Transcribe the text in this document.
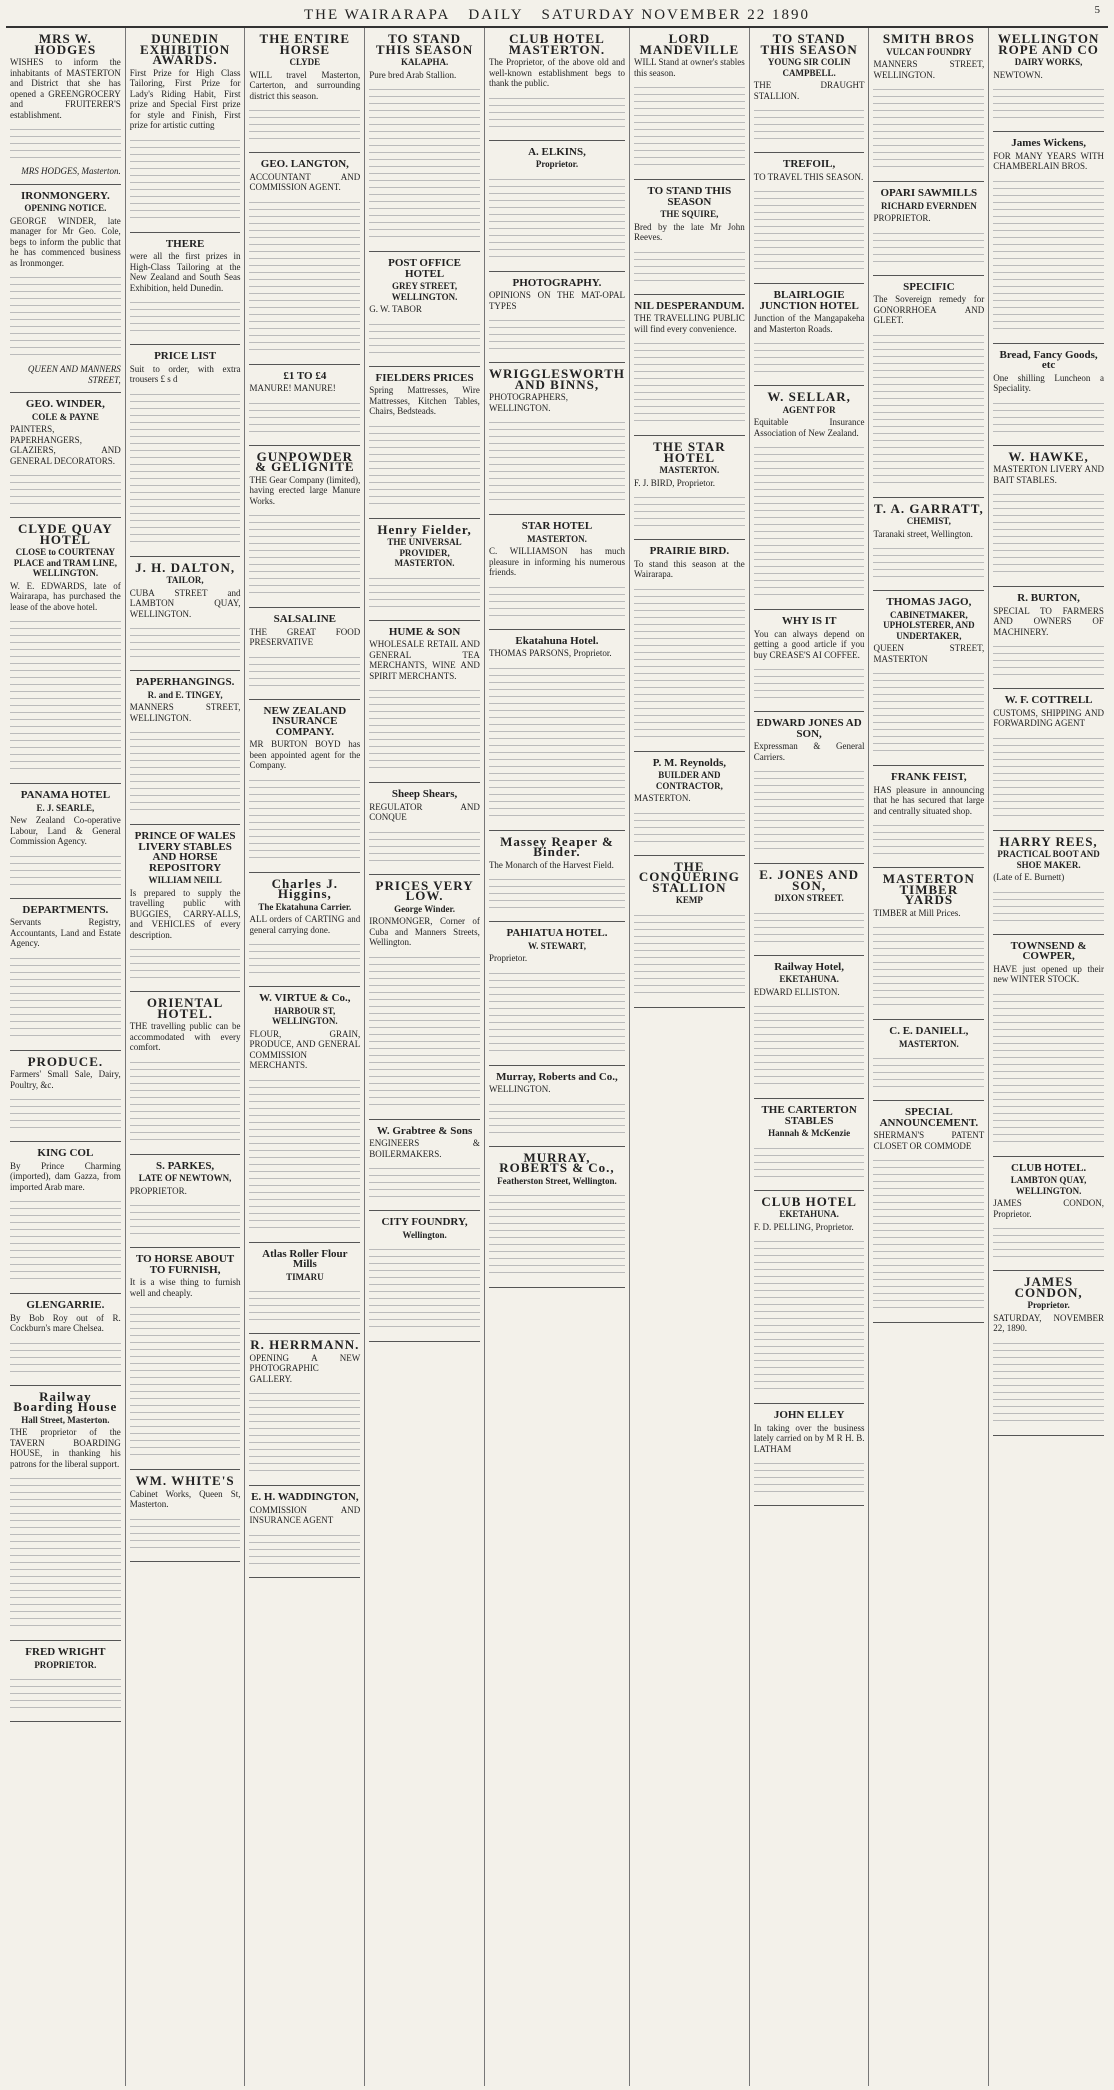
THE WAIRARAPA DAILY SATURDAY NOVEMBER 22 1890	5
MRS W. HODGES

WISHES to inform the inhabitants of MASTERTON and District that she has opened a GREENGROCERY and FRUITERER'S establishment.

MRS HODGES, Masterton.

IRONMONGERY.
OPENING NOTICE.

GEORGE WINDER, late manager for Mr Geo. Cole, begs to inform the public that he has commenced business as Ironmonger.

QUEEN AND MANNERS STREET,

GEO. WINDER,
COLE & PAYNE

PAINTERS, PAPERHANGERS, GLAZIERS, AND GENERAL DECORATORS.

CLYDE QUAY HOTEL
CLOSE to COURTENAY PLACE and TRAM LINE, WELLINGTON.

W. E. EDWARDS, late of Wairarapa, has purchased the lease of the above hotel.

PANAMA HOTEL
E. J. SEARLE,

New Zealand Co-operative Labour, Land & General Commission Agency.

DEPARTMENTS.

Servants Registry, Accountants, Land and Estate Agency.

PRODUCE.

Farmers' Small Sale, Dairy, Poultry, &c.

KING COL

By Prince Charming (imported), dam Gazza, from imported Arab mare.

GLENGARRIE.

By Bob Roy out of R. Cockburn's mare Chelsea.

Railway Boarding House
Hall Street, Masterton.

THE proprietor of the TAVERN BOARDING HOUSE, in thanking his patrons for the liberal support.

FRED WRIGHT
PROPRIETOR.
DUNEDIN EXHIBITION AWARDS.

First Prize for High Class Tailoring, First Prize for Lady's Riding Habit, First prize and Special First prize for style and Finish, First prize for artistic cutting

THERE

were all the first prizes in High-Class Tailoring at the New Zealand and South Seas Exhibition, held Dunedin.

PRICE LIST

Suit to order, with extra trousers £ s d

J. H. DALTON,
TAILOR,

CUBA STREET and LAMBTON QUAY, WELLINGTON.

PAPERHANGINGS.
R. and E. TINGEY,

MANNERS STREET, WELLINGTON.

PRINCE OF WALES LIVERY STABLES AND HORSE REPOSITORY
WILLIAM NEILL

Is prepared to supply the travelling public with BUGGIES, CARRY-ALLS, and VEHICLES of every description.

ORIENTAL HOTEL.

THE travelling public can be accommodated with every comfort.

S. PARKES,
LATE OF NEWTOWN,

PROPRIETOR.

TO HORSE ABOUT TO FURNISH,

It is a wise thing to furnish well and cheaply.

WM. WHITE'S

Cabinet Works, Queen St, Masterton.

THE ENTIRE HORSE
CLYDE

WILL travel Masterton, Carterton, and surrounding district this season.

GEO. LANGTON,

ACCOUNTANT AND COMMISSION AGENT.

£1 TO £4

MANURE! MANURE!

GUNPOWDER & GELIGNITE

THE Gear Company (limited), having erected large Manure Works.

SALSALINE

THE GREAT FOOD PRESERVATIVE

NEW ZEALAND INSURANCE COMPANY.

MR BURTON BOYD has been appointed agent for the Company.

Charles J. Higgins,
The Ekatahuna Carrier.

ALL orders of CARTING and general carrying done.

W. VIRTUE & Co.,
HARBOUR ST, WELLINGTON.

FLOUR, GRAIN, PRODUCE, AND GENERAL COMMISSION MERCHANTS.

Atlas Roller Flour Mills
TIMARU
R. HERRMANN.

OPENING A NEW PHOTOGRAPHIC GALLERY.

E. H. WADDINGTON,

COMMISSION AND INSURANCE AGENT

TO STAND THIS SEASON
KALAPHA.

Pure bred Arab Stallion.

POST OFFICE HOTEL
GREY STREET, WELLINGTON.

G. W. TABOR

FIELDERS PRICES

Spring Mattresses, Wire Mattresses, Kitchen Tables, Chairs, Bedsteads.

Henry Fielder,
THE UNIVERSAL PROVIDER, MASTERTON.
HUME & SON

WHOLESALE RETAIL AND GENERAL TEA MERCHANTS, WINE AND SPIRIT MERCHANTS.

Sheep Shears,

REGULATOR AND CONQUE

PRICES VERY LOW.
George Winder.

IRONMONGER, Corner of Cuba and Manners Streets, Wellington.

W. Grabtree & Sons

ENGINEERS & BOILERMAKERS.

CITY FOUNDRY,
Wellington.
CLUB HOTEL MASTERTON.

The Proprietor, of the above old and well-known establishment begs to thank the public.

A. ELKINS,
Proprietor.
PHOTOGRAPHY.

OPINIONS ON THE MAT-OPAL TYPES

WRIGGLESWORTH AND BINNS,

PHOTOGRAPHERS, WELLINGTON.

STAR HOTEL
MASTERTON.

C. WILLIAMSON has much pleasure in informing his numerous friends.

Ekatahuna Hotel.

THOMAS PARSONS, Proprietor.

Massey Reaper & Binder.

The Monarch of the Harvest Field.

PAHIATUA HOTEL.
W. STEWART,

Proprietor.

Murray, Roberts and Co.,

WELLINGTON.

MURRAY, ROBERTS & Co.,
Featherston Street, Wellington.
LORD MANDEVILLE

WILL Stand at owner's stables this season.

TO STAND THIS SEASON
THE SQUIRE,

Bred by the late Mr John Reeves.

NIL DESPERANDUM.

THE TRAVELLING PUBLIC will find every convenience.

THE STAR HOTEL
MASTERTON.

F. J. BIRD, Proprietor.

PRAIRIE BIRD.

To stand this season at the Wairarapa.

P. M. Reynolds,
BUILDER AND CONTRACTOR,

MASTERTON.

THE CONQUERING STALLION
KEMP
TO STAND THIS SEASON
YOUNG SIR COLIN CAMPBELL.

THE DRAUGHT STALLION.

TREFOIL,

TO TRAVEL THIS SEASON.

BLAIRLOGIE JUNCTION HOTEL

Junction of the Mangapakeha and Masterton Roads.

W. SELLAR,
AGENT FOR

Equitable Insurance Association of New Zealand.

WHY IS IT

You can always depend on getting a good article if you buy CREASE'S AI COFFEE.

EDWARD JONES AD SON,

Expressman & General Carriers.

E. JONES AND SON,
DIXON STREET.
Railway Hotel,
EKETAHUNA.

EDWARD ELLISTON.

THE CARTERTON STABLES
Hannah & McKenzie
CLUB HOTEL
EKETAHUNA.

F. D. PELLING, Proprietor.

JOHN ELLEY

In taking over the business lately carried on by M R H. B. LATHAM

SMITH BROS
VULCAN FOUNDRY

MANNERS STREET, WELLINGTON.

OPARI SAWMILLS
RICHARD EVERNDEN

PROPRIETOR.

SPECIFIC

The Sovereign remedy for GONORRHOEA AND GLEET.

T. A. GARRATT,
CHEMIST,

Taranaki street, Wellington.

THOMAS JAGO,
CABINETMAKER, UPHOLSTERER, AND UNDERTAKER,

QUEEN STREET, MASTERTON

FRANK FEIST,

HAS pleasure in announcing that he has secured that large and centrally situated shop.

MASTERTON TIMBER YARDS

TIMBER at Mill Prices.

C. E. DANIELL,
MASTERTON.
SPECIAL ANNOUNCEMENT.

SHERMAN'S PATENT CLOSET OR COMMODE

WELLINGTON ROPE AND CO
DAIRY WORKS,

NEWTOWN.

James Wickens,

FOR MANY YEARS WITH CHAMBERLAIN BROS.

Bread, Fancy Goods, etc

One shilling Luncheon a Speciality.

W. HAWKE,

MASTERTON LIVERY AND BAIT STABLES.

R. BURTON,

SPECIAL TO FARMERS AND OWNERS OF MACHINERY.

W. F. COTTRELL

CUSTOMS, SHIPPING AND FORWARDING AGENT

HARRY REES,
PRACTICAL BOOT AND SHOE MAKER.

(Late of E. Burnett)

TOWNSEND & COWPER,

HAVE just opened up their new WINTER STOCK.

CLUB HOTEL.
LAMBTON QUAY, WELLINGTON.

JAMES CONDON, Proprietor.

JAMES CONDON,
Proprietor.

SATURDAY, NOVEMBER 22, 1890.
